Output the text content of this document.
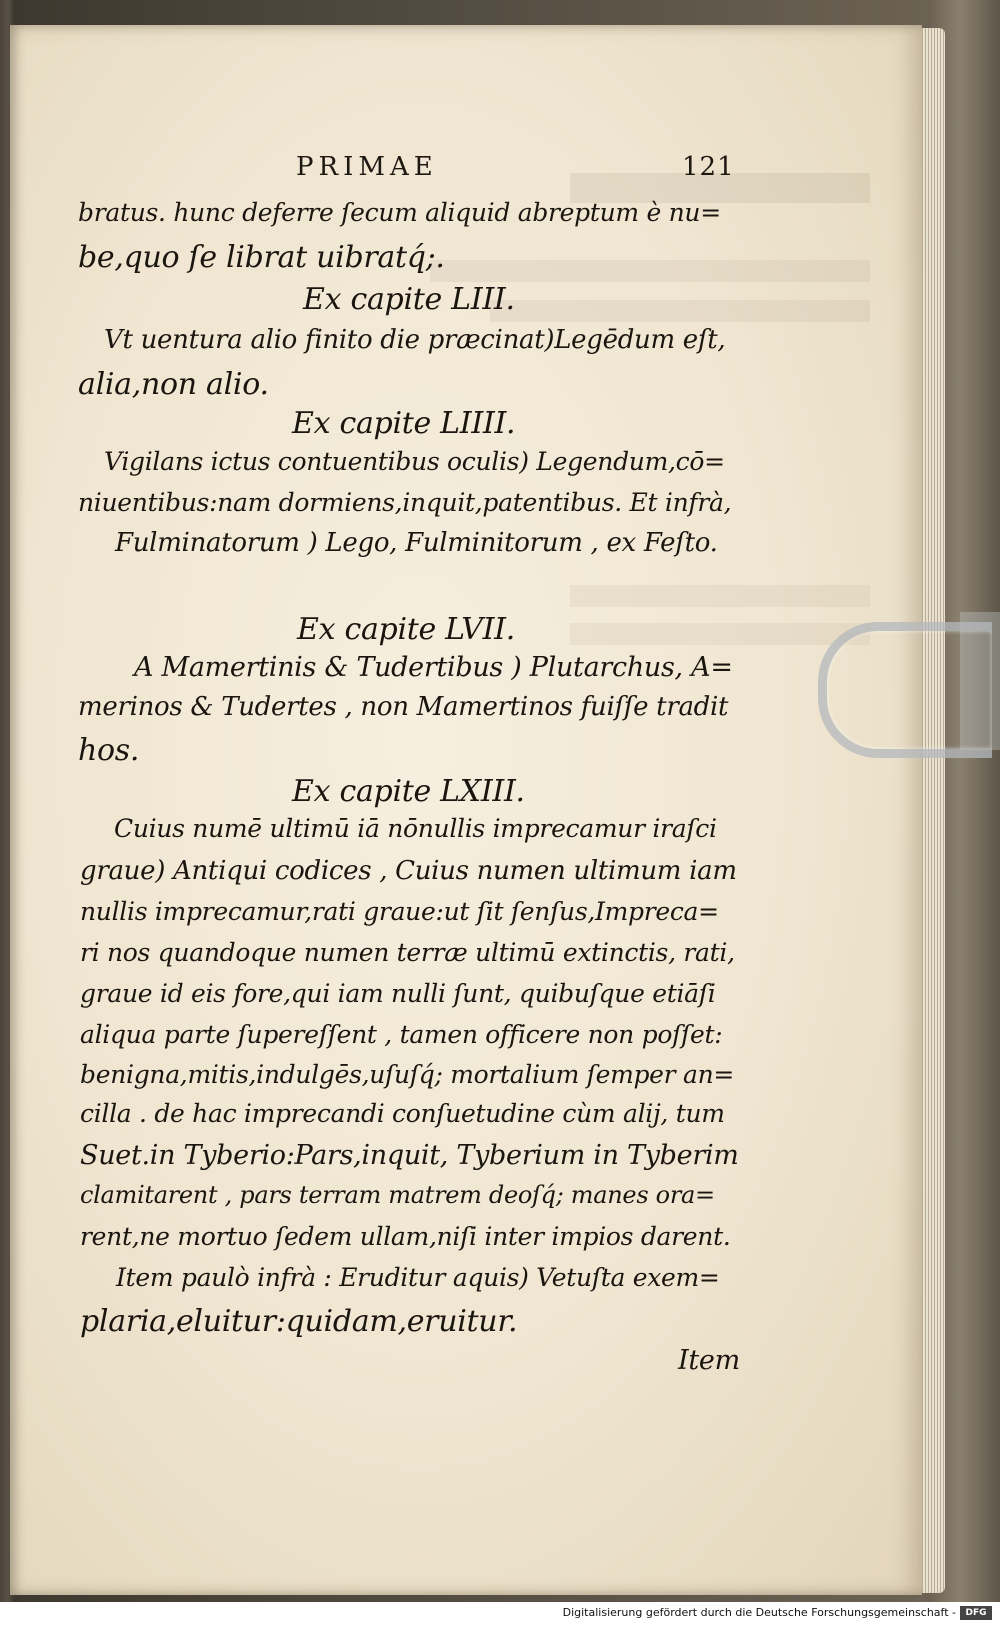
PRIMAE	121
bratus. hunc deferre ſecum aliquid abreptum è nu=
be,quo ſe librat uibratq́;.
Ex capite LIII.
Vt uentura alio finito die præcinat)Legēdum eſt,
alia,non alio.
Ex capite LIIII.
Vigilans ictus contuentibus oculis) Legendum,cō=
niuentibus:nam dormiens,inquit,patentibus. Et infrà,
Fulminatorum ) Lego, Fulminitorum , ex Feſto.
Ex capite LVII.
A Mamertinis & Tudertibus ) Plutarchus, A=
merinos & Tudertes , non Mamertinos fuiſſe tradit
hos.
Ex capite LXIII.
Cuius numē ultimū iā nōnullis imprecamur iraſci
graue) Antiqui codices , Cuius numen ultimum iam
nullis imprecamur,rati graue:ut ſit ſenſus,Impreca=
ri nos quandoque numen terræ ultimū extinctis, rati,
graue id eis fore,qui iam nulli ſunt, quibuſque etiāſi
aliqua parte ſupereſſent , tamen officere non poſſet:
benigna,mitis,indulgēs,uſuſq́; mortalium ſemper an=
cilla . de hac imprecandi conſuetudine cùm alij, tum
Suet.in Tyberio:Pars,inquit, Tyberium in Tyberim
clamitarent , pars terram matrem deoſq́; manes ora=
rent,ne mortuo ſedem ullam,niſi inter impios darent.
Item paulò infrà : Eruditur aquis) Vetuſta exem=
plaria,eluitur:quidam,eruitur.
Item
Digitalisierung gefördert durch die Deutsche Forschungsgemeinschaft -	DFG
